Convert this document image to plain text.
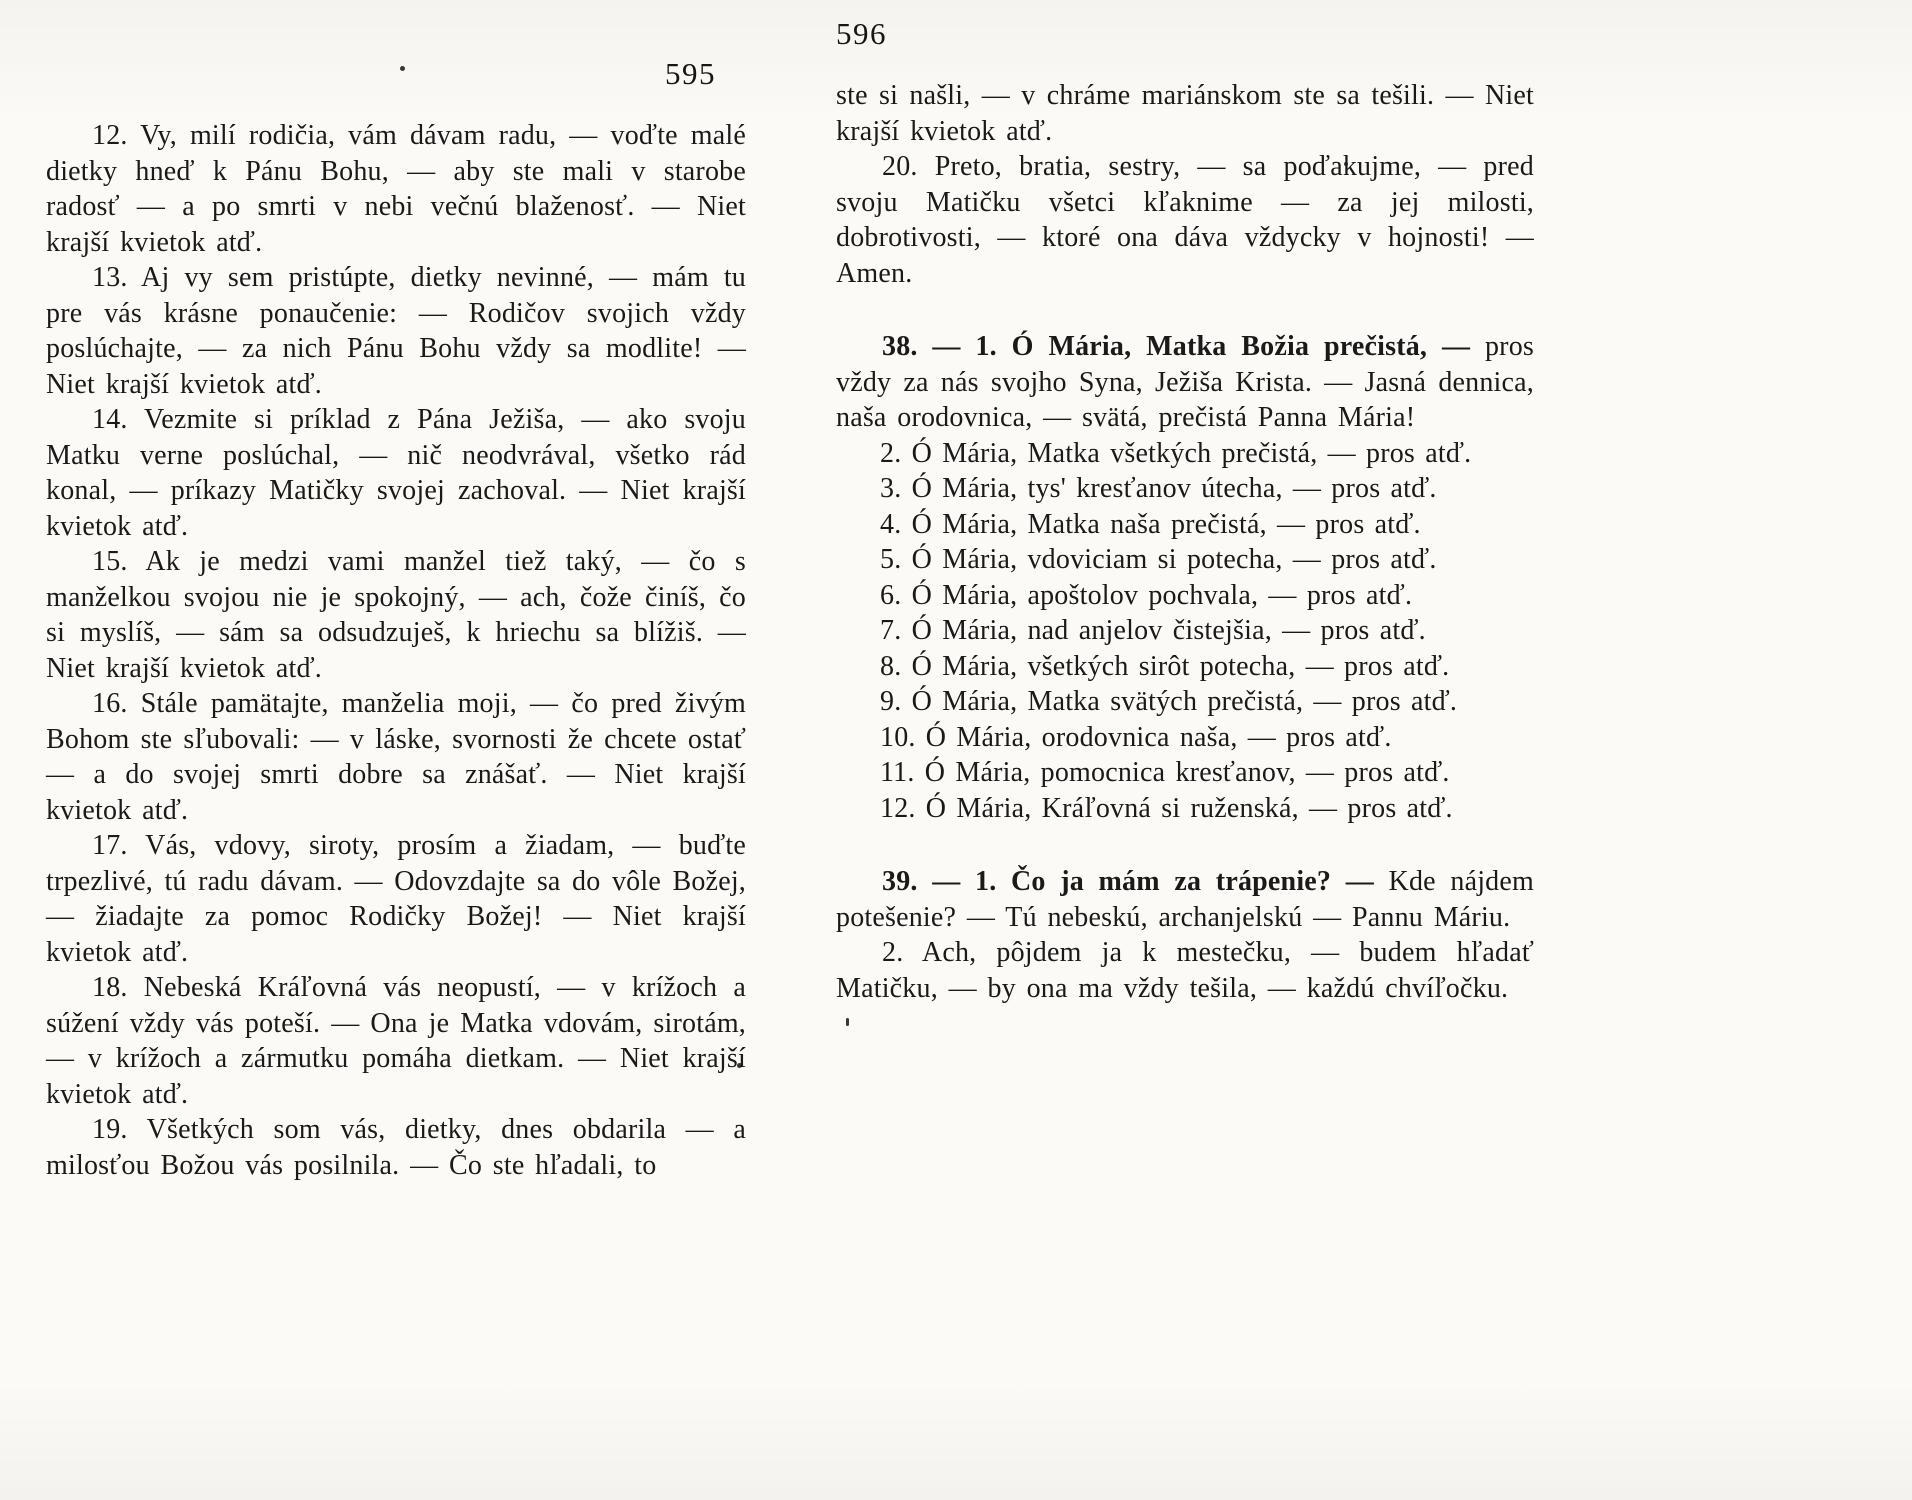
595

12. Vy, milí rodičia, vám dávam radu, — voďte malé dietky hneď k Pánu Bohu, — aby ste mali v starobe radosť — a po smrti v nebi večnú blaženosť. — Niet krajší kvietok atď.

13. Aj vy sem pristúpte, dietky nevinné, — mám tu pre vás krásne ponaučenie: — Rodičov svojich vždy poslúchajte, — za nich Pánu Bohu vždy sa modlite! — Niet krajší kvietok atď.

14. Vezmite si príklad z Pána Ježiša, — ako svoju Matku verne poslúchal, — nič neodvrával, všetko rád konal, — príkazy Matičky svojej zachoval. — Niet krajší kvietok atď.

15. Ak je medzi vami manžel tiež taký, — čo s manželkou svojou nie je spokojný, — ach, čože činíš, čo si myslíš, — sám sa odsudzuješ, k hriechu sa blížiš. — Niet krajší kvietok atď.

16. Stále pamätajte, manželia moji, — čo pred živým Bohom ste sľubovali: — v láske, svornosti že chcete ostať — a do svojej smrti dobre sa znášať. — Niet krajší kvietok atď.

17. Vás, vdovy, siroty, prosím a žiadam, — buďte trpezlivé, tú radu dávam. — Odovzdajte sa do vôle Božej, — žiadajte za pomoc Rodičky Božej! — Niet krajší kvietok atď.

18. Nebeská Kráľovná vás neopustí, — v krížoch a súžení vždy vás poteší. — Ona je Matka vdovám, sirotám, — v krížoch a zármutku pomáha dietkam. — Niet krajší kvietok atď.

19. Všetkých som vás, dietky, dnes obdarila — a milosťou Božou vás posilnila. — Čo ste hľadali, to

596

ste si našli, — v chráme mariánskom ste sa tešili. — Niet krajší kvietok atď.

20. Preto, bratia, sestry, — sa poďakujme, — pred svoju Matičku všetci kľaknime — za jej milosti, dobrotivosti, — ktoré ona dáva vždycky v hojnosti! — Amen.

38. — 1. Ó Mária, Matka Božia prečistá, — pros vždy za nás svojho Syna, Ježiša Krista. — Jasná dennica, naša orodovnica, — svätá, prečistá Panna Mária!

2. Ó Mária, Matka všetkých prečistá, — pros atď.

3. Ó Mária, tys' kresťanov útecha, — pros atď.

4. Ó Mária, Matka naša prečistá, — pros atď.

5. Ó Mária, vdoviciam si potecha, — pros atď.

6. Ó Mária, apoštolov pochvala, — pros atď.

7. Ó Mária, nad anjelov čistejšia, — pros atď.

8. Ó Mária, všetkých sirôt potecha, — pros atď.

9. Ó Mária, Matka svätých prečistá, — pros atď.

10. Ó Mária, orodovnica naša, — pros atď.

11. Ó Mária, pomocnica kresťanov, — pros atď.

12. Ó Mária, Kráľovná si ruženská, — pros atď.

39. — 1. Čo ja mám za trápenie? — Kde nájdem potešenie? — Tú nebeskú, archanjelskú — Pannu Máriu.

2. Ach, pôjdem ja k mestečku, — budem hľadať Matičku, — by ona ma vždy tešila, — každú chvíľočku.
